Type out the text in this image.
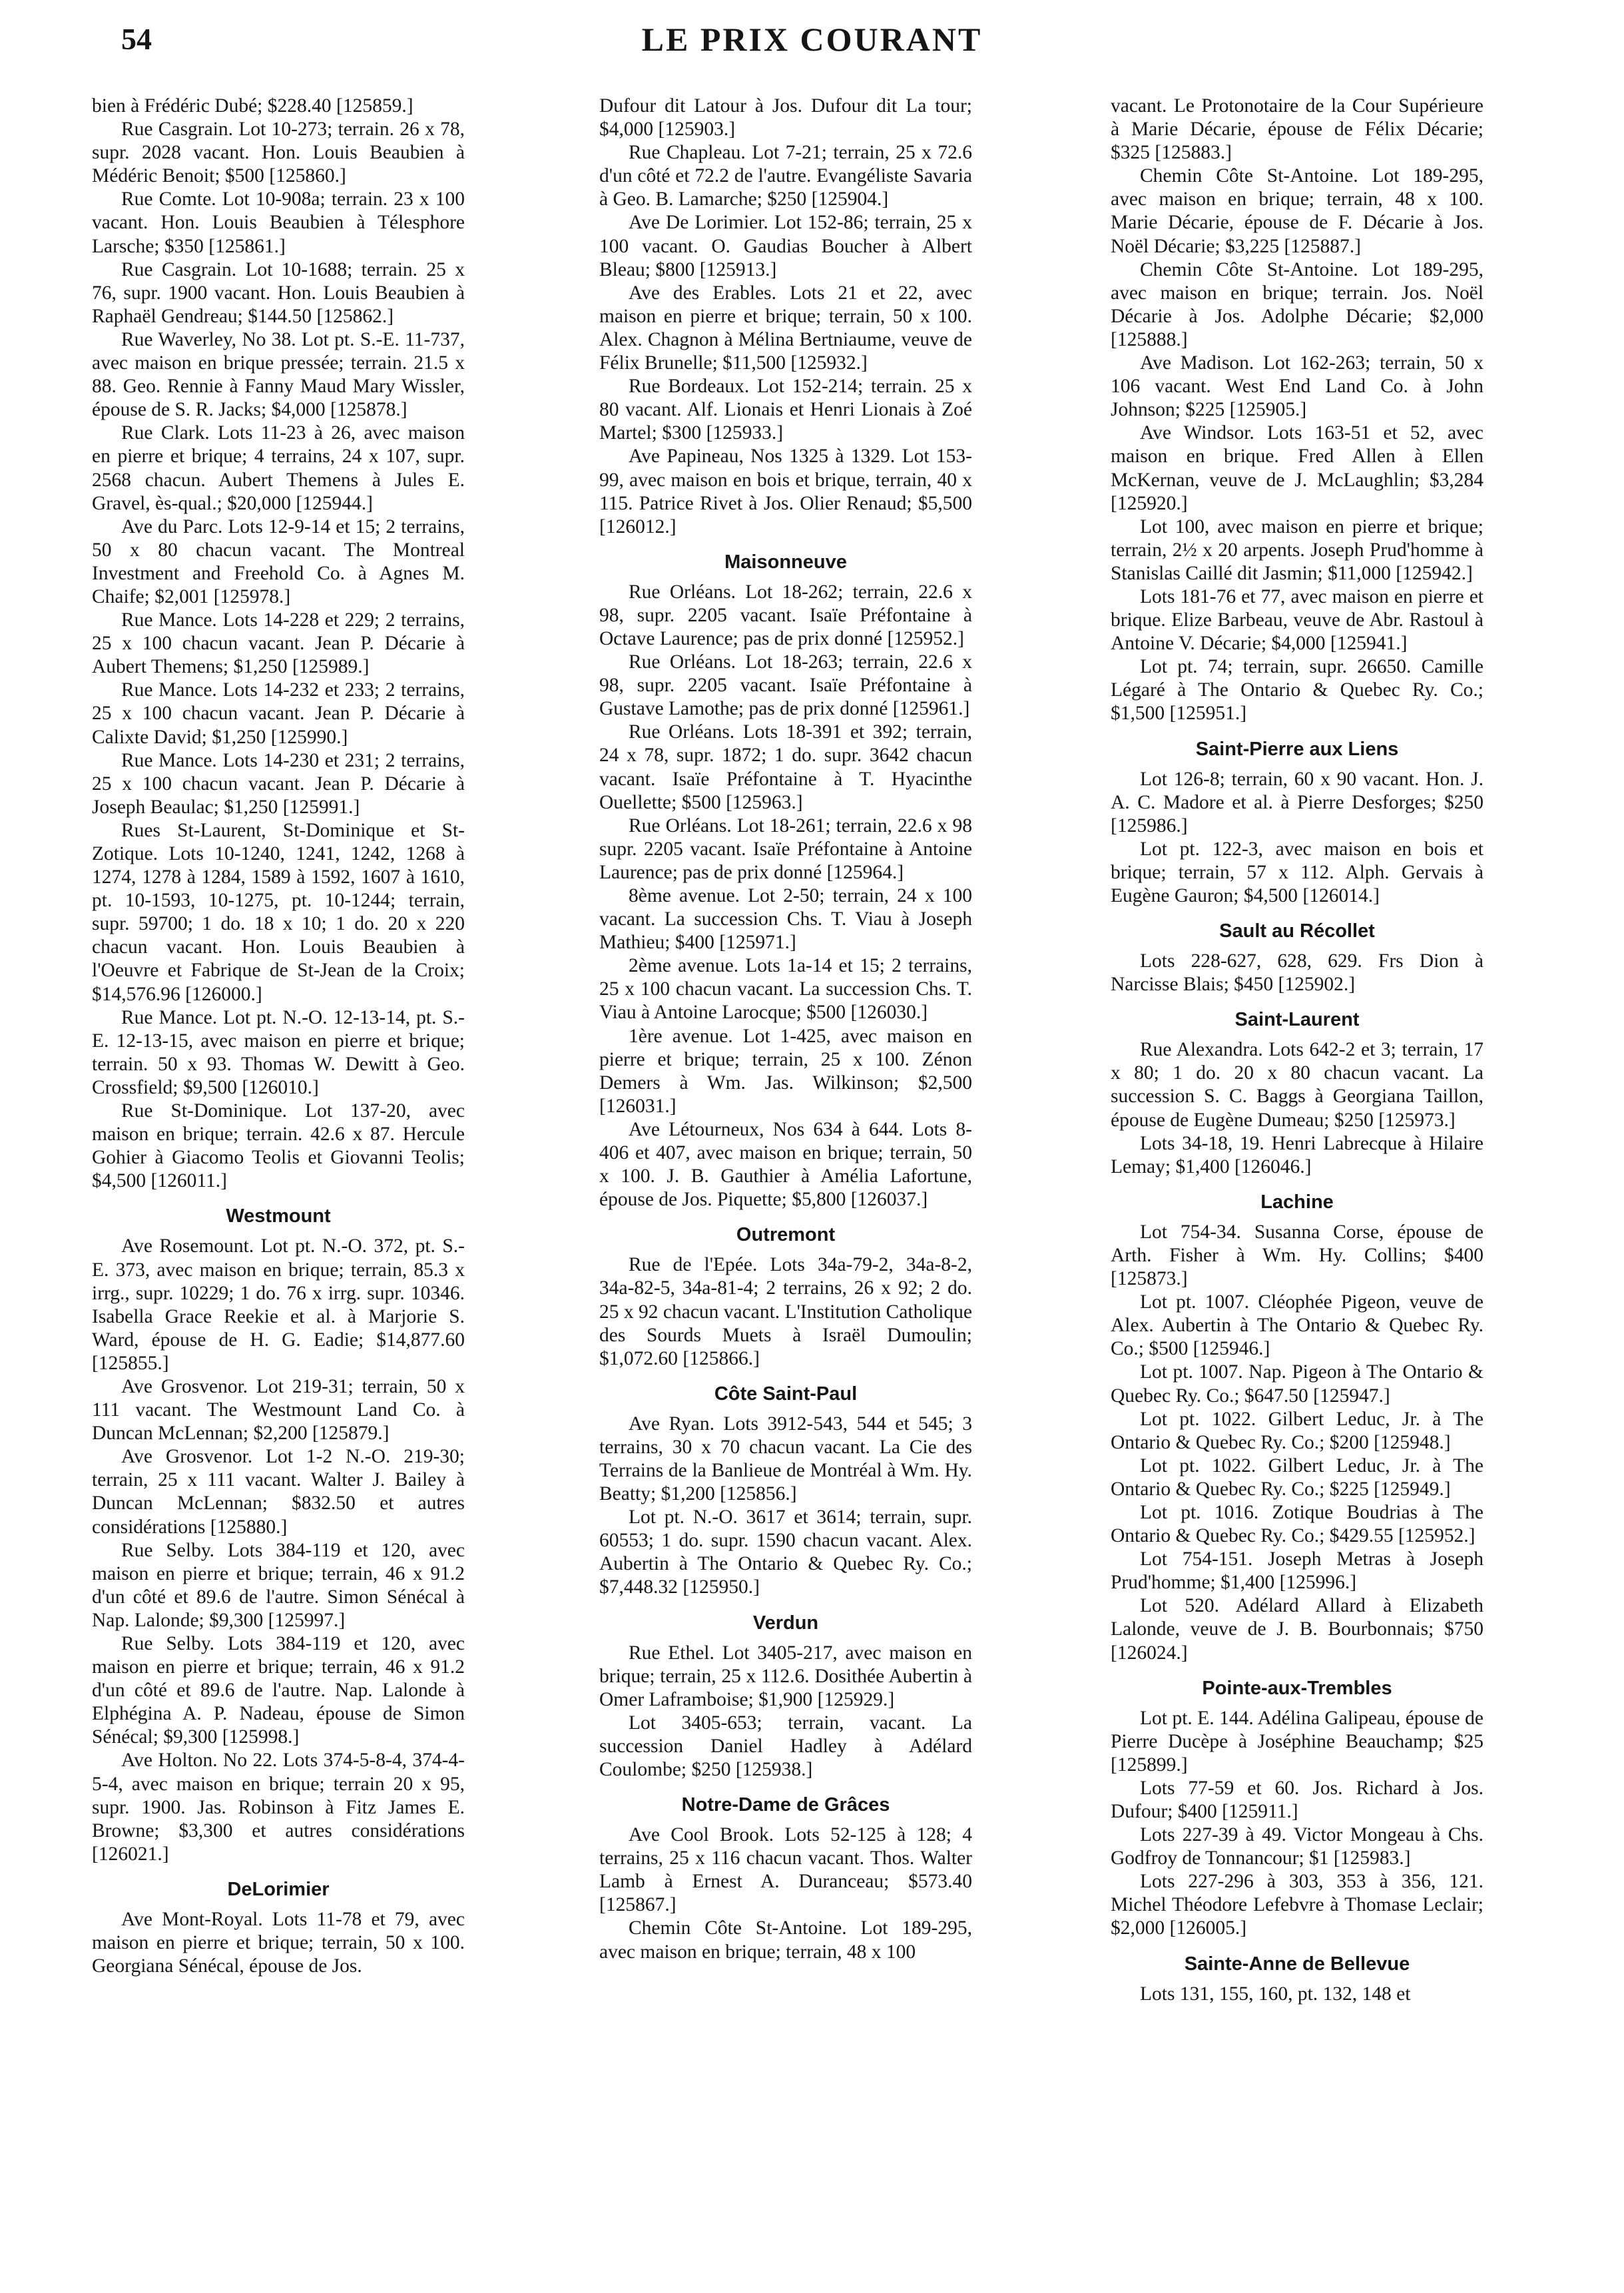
54	LE PRIX COURANT

bien à Frédéric Dubé; $228.40 [125859.]

Rue Casgrain. Lot 10-273; terrain. 26 x 78, supr. 2028 vacant. Hon. Louis Beaubien à Médéric Benoit; $500 [125860.]

Rue Comte. Lot 10-908a; terrain. 23 x 100 vacant. Hon. Louis Beaubien à Télesphore Larsche; $350 [125861.]

Rue Casgrain. Lot 10-1688; terrain. 25 x 76, supr. 1900 vacant. Hon. Louis Beaubien à Raphaël Gendreau; $144.50 [125862.]

Rue Waverley, No 38. Lot pt. S.-E. 11-737, avec maison en brique pressée; terrain. 21.5 x 88. Geo. Rennie à Fanny Maud Mary Wissler, épouse de S. R. Jacks; $4,000 [125878.]

Rue Clark. Lots 11-23 à 26, avec maison en pierre et brique; 4 terrains, 24 x 107, supr. 2568 chacun. Aubert Themens à Jules E. Gravel, ès-qual.; $20,000 [125944.]

Ave du Parc. Lots 12-9-14 et 15; 2 terrains, 50 x 80 chacun vacant. The Montreal Investment and Freehold Co. à Agnes M. Chaife; $2,001 [125978.]

Rue Mance. Lots 14-228 et 229; 2 terrains, 25 x 100 chacun vacant. Jean P. Décarie à Aubert Themens; $1,250 [125989.]

Rue Mance. Lots 14-232 et 233; 2 terrains, 25 x 100 chacun vacant. Jean P. Décarie à Calixte David; $1,250 [125990.]

Rue Mance. Lots 14-230 et 231; 2 terrains, 25 x 100 chacun vacant. Jean P. Décarie à Joseph Beaulac; $1,250 [125991.]

Rues St-Laurent, St-Dominique et St-Zotique. Lots 10-1240, 1241, 1242, 1268 à 1274, 1278 à 1284, 1589 à 1592, 1607 à 1610, pt. 10-1593, 10-1275, pt. 10-1244; terrain, supr. 59700; 1 do. 18 x 10; 1 do. 20 x 220 chacun vacant. Hon. Louis Beaubien à l'Oeuvre et Fabrique de St-Jean de la Croix; $14,576.96 [126000.]

Rue Mance. Lot pt. N.-O. 12-13-14, pt. S.-E. 12-13-15, avec maison en pierre et brique; terrain. 50 x 93. Thomas W. Dewitt à Geo. Crossfield; $9,500 [126010.]

Rue St-Dominique. Lot 137-20, avec maison en brique; terrain. 42.6 x 87. Hercule Gohier à Giacomo Teolis et Giovanni Teolis; $4,500 [126011.]

Westmount

Ave Rosemount. Lot pt. N.-O. 372, pt. S.-E. 373, avec maison en brique; terrain, 85.3 x irrg., supr. 10229; 1 do. 76 x irrg. supr. 10346. Isabella Grace Reekie et al. à Marjorie S. Ward, épouse de H. G. Eadie; $14,877.60 [125855.]

Ave Grosvenor. Lot 219-31; terrain, 50 x 111 vacant. The Westmount Land Co. à Duncan McLennan; $2,200 [125879.]

Ave Grosvenor. Lot 1-2 N.-O. 219-30; terrain, 25 x 111 vacant. Walter J. Bailey à Duncan McLennan; $832.50 et autres considérations [125880.]

Rue Selby. Lots 384-119 et 120, avec maison en pierre et brique; terrain, 46 x 91.2 d'un côté et 89.6 de l'autre. Simon Sénécal à Nap. Lalonde; $9,300 [125997.]

Rue Selby. Lots 384-119 et 120, avec maison en pierre et brique; terrain, 46 x 91.2 d'un côté et 89.6 de l'autre. Nap. Lalonde à Elphégina A. P. Nadeau, épouse de Simon Sénécal; $9,300 [125998.]

Ave Holton. No 22. Lots 374-5-8-4, 374-4-5-4, avec maison en brique; terrain 20 x 95, supr. 1900. Jas. Robinson à Fitz James E. Browne; $3,300 et autres considérations [126021.]

DeLorimier

Ave Mont-Royal. Lots 11-78 et 79, avec maison en pierre et brique; terrain, 50 x 100. Georgiana Sénécal, épouse de Jos.

Dufour dit Latour à Jos. Dufour dit La tour; $4,000 [125903.]

Rue Chapleau. Lot 7-21; terrain, 25 x 72.6 d'un côté et 72.2 de l'autre. Evangéliste Savaria à Geo. B. Lamarche; $250 [125904.]

Ave De Lorimier. Lot 152-86; terrain, 25 x 100 vacant. O. Gaudias Boucher à Albert Bleau; $800 [125913.]

Ave des Erables. Lots 21 et 22, avec maison en pierre et brique; terrain, 50 x 100. Alex. Chagnon à Mélina Bertniaume, veuve de Félix Brunelle; $11,500 [125932.]

Rue Bordeaux. Lot 152-214; terrain. 25 x 80 vacant. Alf. Lionais et Henri Lionais à Zoé Martel; $300 [125933.]

Ave Papineau, Nos 1325 à 1329. Lot 153-99, avec maison en bois et brique, terrain, 40 x 115. Patrice Rivet à Jos. Olier Renaud; $5,500 [126012.]

Maisonneuve

Rue Orléans. Lot 18-262; terrain, 22.6 x 98, supr. 2205 vacant. Isaïe Préfontaine à Octave Laurence; pas de prix donné [125952.]

Rue Orléans. Lot 18-263; terrain, 22.6 x 98, supr. 2205 vacant. Isaïe Préfontaine à Gustave Lamothe; pas de prix donné [125961.]

Rue Orléans. Lots 18-391 et 392; terrain, 24 x 78, supr. 1872; 1 do. supr. 3642 chacun vacant. Isaïe Préfontaine à T. Hyacinthe Ouellette; $500 [125963.]

Rue Orléans. Lot 18-261; terrain, 22.6 x 98 supr. 2205 vacant. Isaïe Préfontaine à Antoine Laurence; pas de prix donné [125964.]

8ème avenue. Lot 2-50; terrain, 24 x 100 vacant. La succession Chs. T. Viau à Joseph Mathieu; $400 [125971.]

2ème avenue. Lots 1a-14 et 15; 2 terrains, 25 x 100 chacun vacant. La succession Chs. T. Viau à Antoine Larocque; $500 [126030.]

1ère avenue. Lot 1-425, avec maison en pierre et brique; terrain, 25 x 100. Zénon Demers à Wm. Jas. Wilkinson; $2,500 [126031.]

Ave Létourneux, Nos 634 à 644. Lots 8-406 et 407, avec maison en brique; terrain, 50 x 100. J. B. Gauthier à Amélia Lafortune, épouse de Jos. Piquette; $5,800 [126037.]

Outremont

Rue de l'Epée. Lots 34a-79-2, 34a-8-2, 34a-82-5, 34a-81-4; 2 terrains, 26 x 92; 2 do. 25 x 92 chacun vacant. L'Institution Catholique des Sourds Muets à Israël Dumoulin; $1,072.60 [125866.]

Côte Saint-Paul

Ave Ryan. Lots 3912-543, 544 et 545; 3 terrains, 30 x 70 chacun vacant. La Cie des Terrains de la Banlieue de Montréal à Wm. Hy. Beatty; $1,200 [125856.]

Lot pt. N.-O. 3617 et 3614; terrain, supr. 60553; 1 do. supr. 1590 chacun vacant. Alex. Aubertin à The Ontario & Quebec Ry. Co.; $7,448.32 [125950.]

Verdun

Rue Ethel. Lot 3405-217, avec maison en brique; terrain, 25 x 112.6. Dosithée Aubertin à Omer Laframboise; $1,900 [125929.]

Lot 3405-653; terrain, vacant. La succession Daniel Hadley à Adélard Coulombe; $250 [125938.]

Notre-Dame de Grâces

Ave Cool Brook. Lots 52-125 à 128; 4 terrains, 25 x 116 chacun vacant. Thos. Walter Lamb à Ernest A. Duranceau; $573.40 [125867.]

Chemin Côte St-Antoine. Lot 189-295, avec maison en brique; terrain, 48 x 100

vacant. Le Protonotaire de la Cour Supérieure à Marie Décarie, épouse de Félix Décarie; $325 [125883.]

Chemin Côte St-Antoine. Lot 189-295, avec maison en brique; terrain, 48 x 100. Marie Décarie, épouse de F. Décarie à Jos. Noël Décarie; $3,225 [125887.]

Chemin Côte St-Antoine. Lot 189-295, avec maison en brique; terrain. Jos. Noël Décarie à Jos. Adolphe Décarie; $2,000 [125888.]

Ave Madison. Lot 162-263; terrain, 50 x 106 vacant. West End Land Co. à John Johnson; $225 [125905.]

Ave Windsor. Lots 163-51 et 52, avec maison en brique. Fred Allen à Ellen McKernan, veuve de J. McLaughlin; $3,284 [125920.]

Lot 100, avec maison en pierre et brique; terrain, 2½ x 20 arpents. Joseph Prud'homme à Stanislas Caillé dit Jasmin; $11,000 [125942.]

Lots 181-76 et 77, avec maison en pierre et brique. Elize Barbeau, veuve de Abr. Rastoul à Antoine V. Décarie; $4,000 [125941.]

Lot pt. 74; terrain, supr. 26650. Camille Légaré à The Ontario & Quebec Ry. Co.; $1,500 [125951.]

Saint-Pierre aux Liens

Lot 126-8; terrain, 60 x 90 vacant. Hon. J. A. C. Madore et al. à Pierre Desforges; $250 [125986.]

Lot pt. 122-3, avec maison en bois et brique; terrain, 57 x 112. Alph. Gervais à Eugène Gauron; $4,500 [126014.]

Sault au Récollet

Lots 228-627, 628, 629. Frs Dion à Narcisse Blais; $450 [125902.]

Saint-Laurent

Rue Alexandra. Lots 642-2 et 3; terrain, 17 x 80; 1 do. 20 x 80 chacun vacant. La succession S. C. Baggs à Georgiana Taillon, épouse de Eugène Dumeau; $250 [125973.]

Lots 34-18, 19. Henri Labrecque à Hilaire Lemay; $1,400 [126046.]

Lachine

Lot 754-34. Susanna Corse, épouse de Arth. Fisher à Wm. Hy. Collins; $400 [125873.]

Lot pt. 1007. Cléophée Pigeon, veuve de Alex. Aubertin à The Ontario & Quebec Ry. Co.; $500 [125946.]

Lot pt. 1007. Nap. Pigeon à The Ontario & Quebec Ry. Co.; $647.50 [125947.]

Lot pt. 1022. Gilbert Leduc, Jr. à The Ontario & Quebec Ry. Co.; $200 [125948.]

Lot pt. 1022. Gilbert Leduc, Jr. à The Ontario & Quebec Ry. Co.; $225 [125949.]

Lot pt. 1016. Zotique Boudrias à The Ontario & Quebec Ry. Co.; $429.55 [125952.]

Lot 754-151. Joseph Metras à Joseph Prud'homme; $1,400 [125996.]

Lot 520. Adélard Allard à Elizabeth Lalonde, veuve de J. B. Bourbonnais; $750 [126024.]

Pointe-aux-Trembles

Lot pt. E. 144. Adélina Galipeau, épouse de Pierre Ducèpe à Joséphine Beauchamp; $25 [125899.]

Lots 77-59 et 60. Jos. Richard à Jos. Dufour; $400 [125911.]

Lots 227-39 à 49. Victor Mongeau à Chs. Godfroy de Tonnancour; $1 [125983.]

Lots 227-296 à 303, 353 à 356, 121. Michel Théodore Lefebvre à Thomase Leclair; $2,000 [126005.]

Sainte-Anne de Bellevue

Lots 131, 155, 160, pt. 132, 148 et
